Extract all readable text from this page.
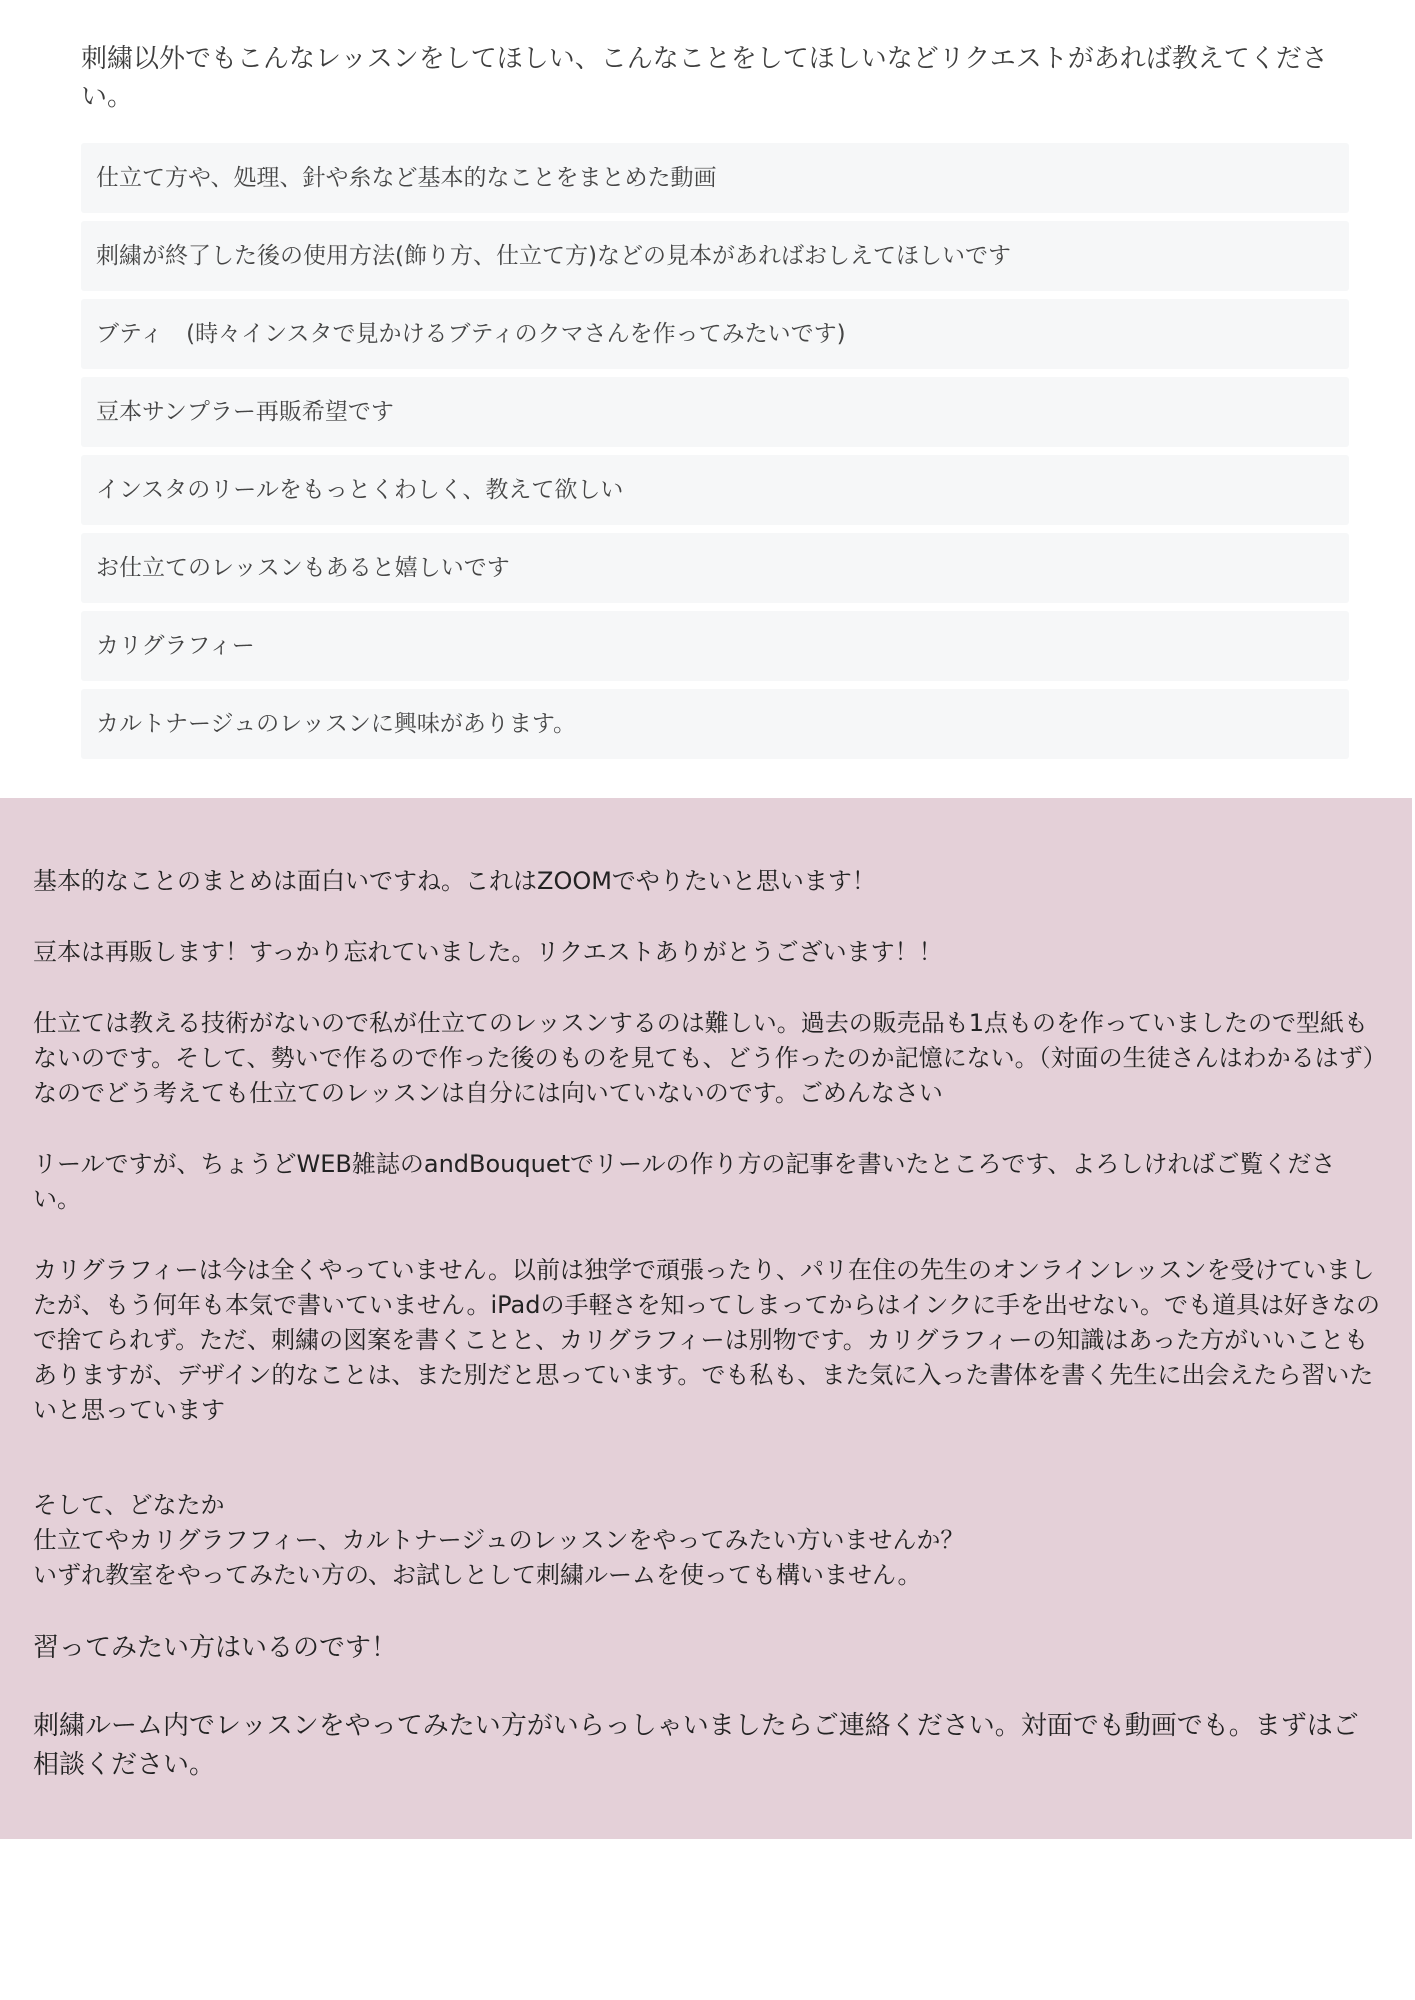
刺繍以外でもこんなレッスンをしてほしい、こんなことをしてほしいなどリクエストがあれば教えてください。

仕立て方や、処理、針や糸など基本的なことをまとめた動画
刺繍が終了した後の使用方法(飾り方、仕立て方)などの見本があればおしえてほしいです
ブティ　(時々インスタで見かけるブティのクマさんを作ってみたいです)
豆本サンプラー再販希望です
インスタのリールをもっとくわしく、教えて欲しい
お仕立てのレッスンもあると嬉しいです
カリグラフィー
カルトナージュのレッスンに興味があります。

基本的なことのまとめは面白いですね。これはZOOMでやりたいと思います！

豆本は再販します！すっかり忘れていました。リクエストありがとうございます！！

仕立ては教える技術がないので私が仕立てのレッスンするのは難しい。過去の販売品も1点ものを作っていましたので型紙もないのです。そして、勢いで作るので作った後のものを見ても、どう作ったのか記憶にない。（対面の生徒さんはわかるはず）なのでどう考えても仕立てのレッスンは自分には向いていないのです。ごめんなさい

リールですが、ちょうどWEB雑誌のandBouquetでリールの作り方の記事を書いたところです、よろしければご覧ください。

カリグラフィーは今は全くやっていません。以前は独学で頑張ったり、パリ在住の先生のオンラインレッスンを受けていましたが、もう何年も本気で書いていません。iPadの手軽さを知ってしまってからはインクに手を出せない。でも道具は好きなので捨てられず。ただ、刺繍の図案を書くことと、カリグラフィーは別物です。カリグラフィーの知識はあった方がいいこともありますが、デザイン的なことは、また別だと思っています。でも私も、また気に入った書体を書く先生に出会えたら習いたいと思っています

そして、どなたか
仕立てやカリグラフフィー、カルトナージュのレッスンをやってみたい方いませんか？
いずれ教室をやってみたい方の、お試しとして刺繍ルームを使っても構いません。

習ってみたい方はいるのです！

刺繍ルーム内でレッスンをやってみたい方がいらっしゃいましたらご連絡ください。対面でも動画でも。まずはご相談ください。
